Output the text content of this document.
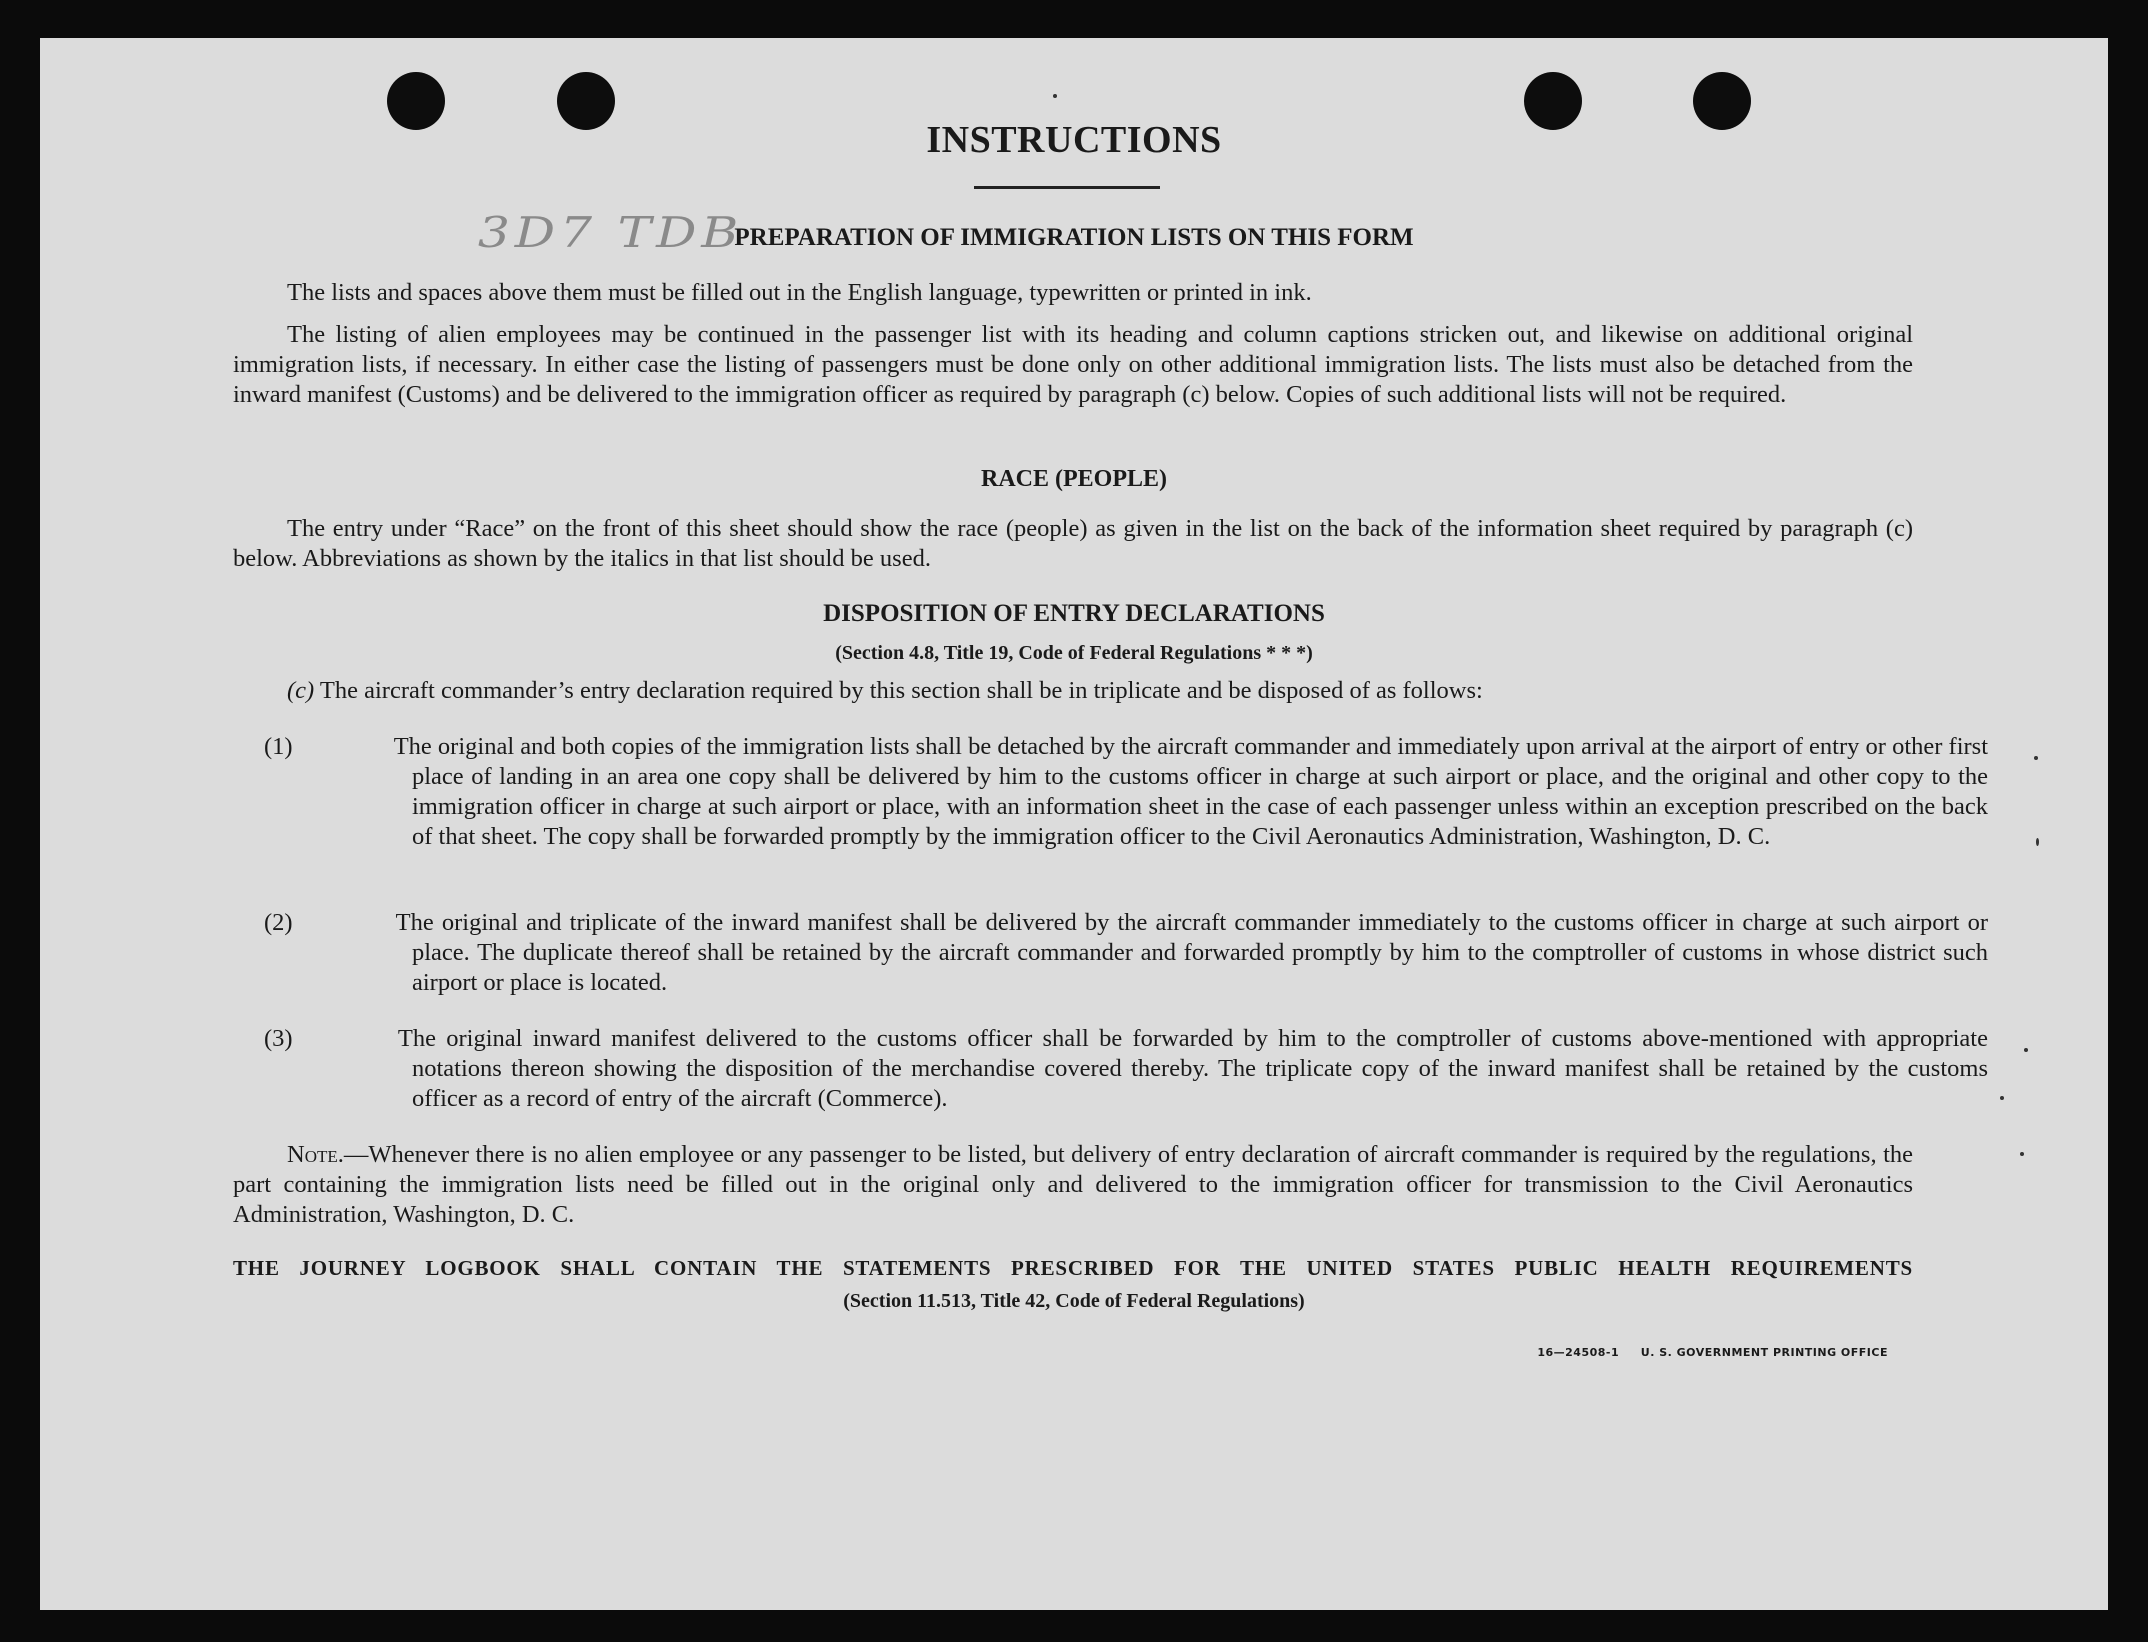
INSTRUCTIONS
3D7 TDB
PREPARATION OF IMMIGRATION LISTS ON THIS FORM
The lists and spaces above them must be filled out in the English language, typewritten or printed in ink.
The listing of alien employees may be continued in the passenger list with its heading and column captions stricken out, and likewise on additional original immigration lists, if necessary. In either case the listing of passengers must be done only on other additional immigration lists. The lists must also be detached from the inward manifest (Customs) and be delivered to the immigration officer as required by paragraph (c) below. Copies of such additional lists will not be required.
RACE (PEOPLE)
The entry under “Race” on the front of this sheet should show the race (people) as given in the list on the back of the information sheet required by paragraph (c) below. Abbreviations as shown by the italics in that list should be used.
DISPOSITION OF ENTRY DECLARATIONS
(Section 4.8, Title 19, Code of Federal Regulations * * *)
(c) The aircraft commander’s entry declaration required by this section shall be in triplicate and be disposed of as follows:
(1)	The original and both copies of the immigration lists shall be detached by the aircraft commander and immediately upon arrival at the airport of entry or other first place of landing in an area one copy shall be delivered by him to the customs officer in charge at such airport or place, and the original and other copy to the immigration officer in charge at such airport or place, with an information sheet in the case of each passenger unless within an exception prescribed on the back of that sheet. The copy shall be forwarded promptly by the immigration officer to the Civil Aeronautics Administration, Washington, D. C.
(2)	The original and triplicate of the inward manifest shall be delivered by the aircraft commander immediately to the customs officer in charge at such airport or place. The duplicate thereof shall be retained by the aircraft commander and forwarded promptly by him to the comptroller of customs in whose district such airport or place is located.
(3)	The original inward manifest delivered to the customs officer shall be forwarded by him to the comptroller of customs above-mentioned with appropriate notations thereon showing the disposition of the merchandise covered thereby. The triplicate copy of the inward manifest shall be retained by the customs officer as a record of entry of the aircraft (Commerce).
Note.—Whenever there is no alien employee or any passenger to be listed, but delivery of entry declaration of aircraft commander is required by the regulations, the part containing the immigration lists need be filled out in the original only and delivered to the immigration officer for transmission to the Civil Aeronautics Administration, Washington, D. C.
THE JOURNEY LOGBOOK SHALL CONTAIN THE STATEMENTS PRESCRIBED FOR THE UNITED STATES PUBLIC HEALTH REQUIREMENTS
(Section 11.513, Title 42, Code of Federal Regulations)
16—24508-1 U. S. GOVERNMENT PRINTING OFFICE
